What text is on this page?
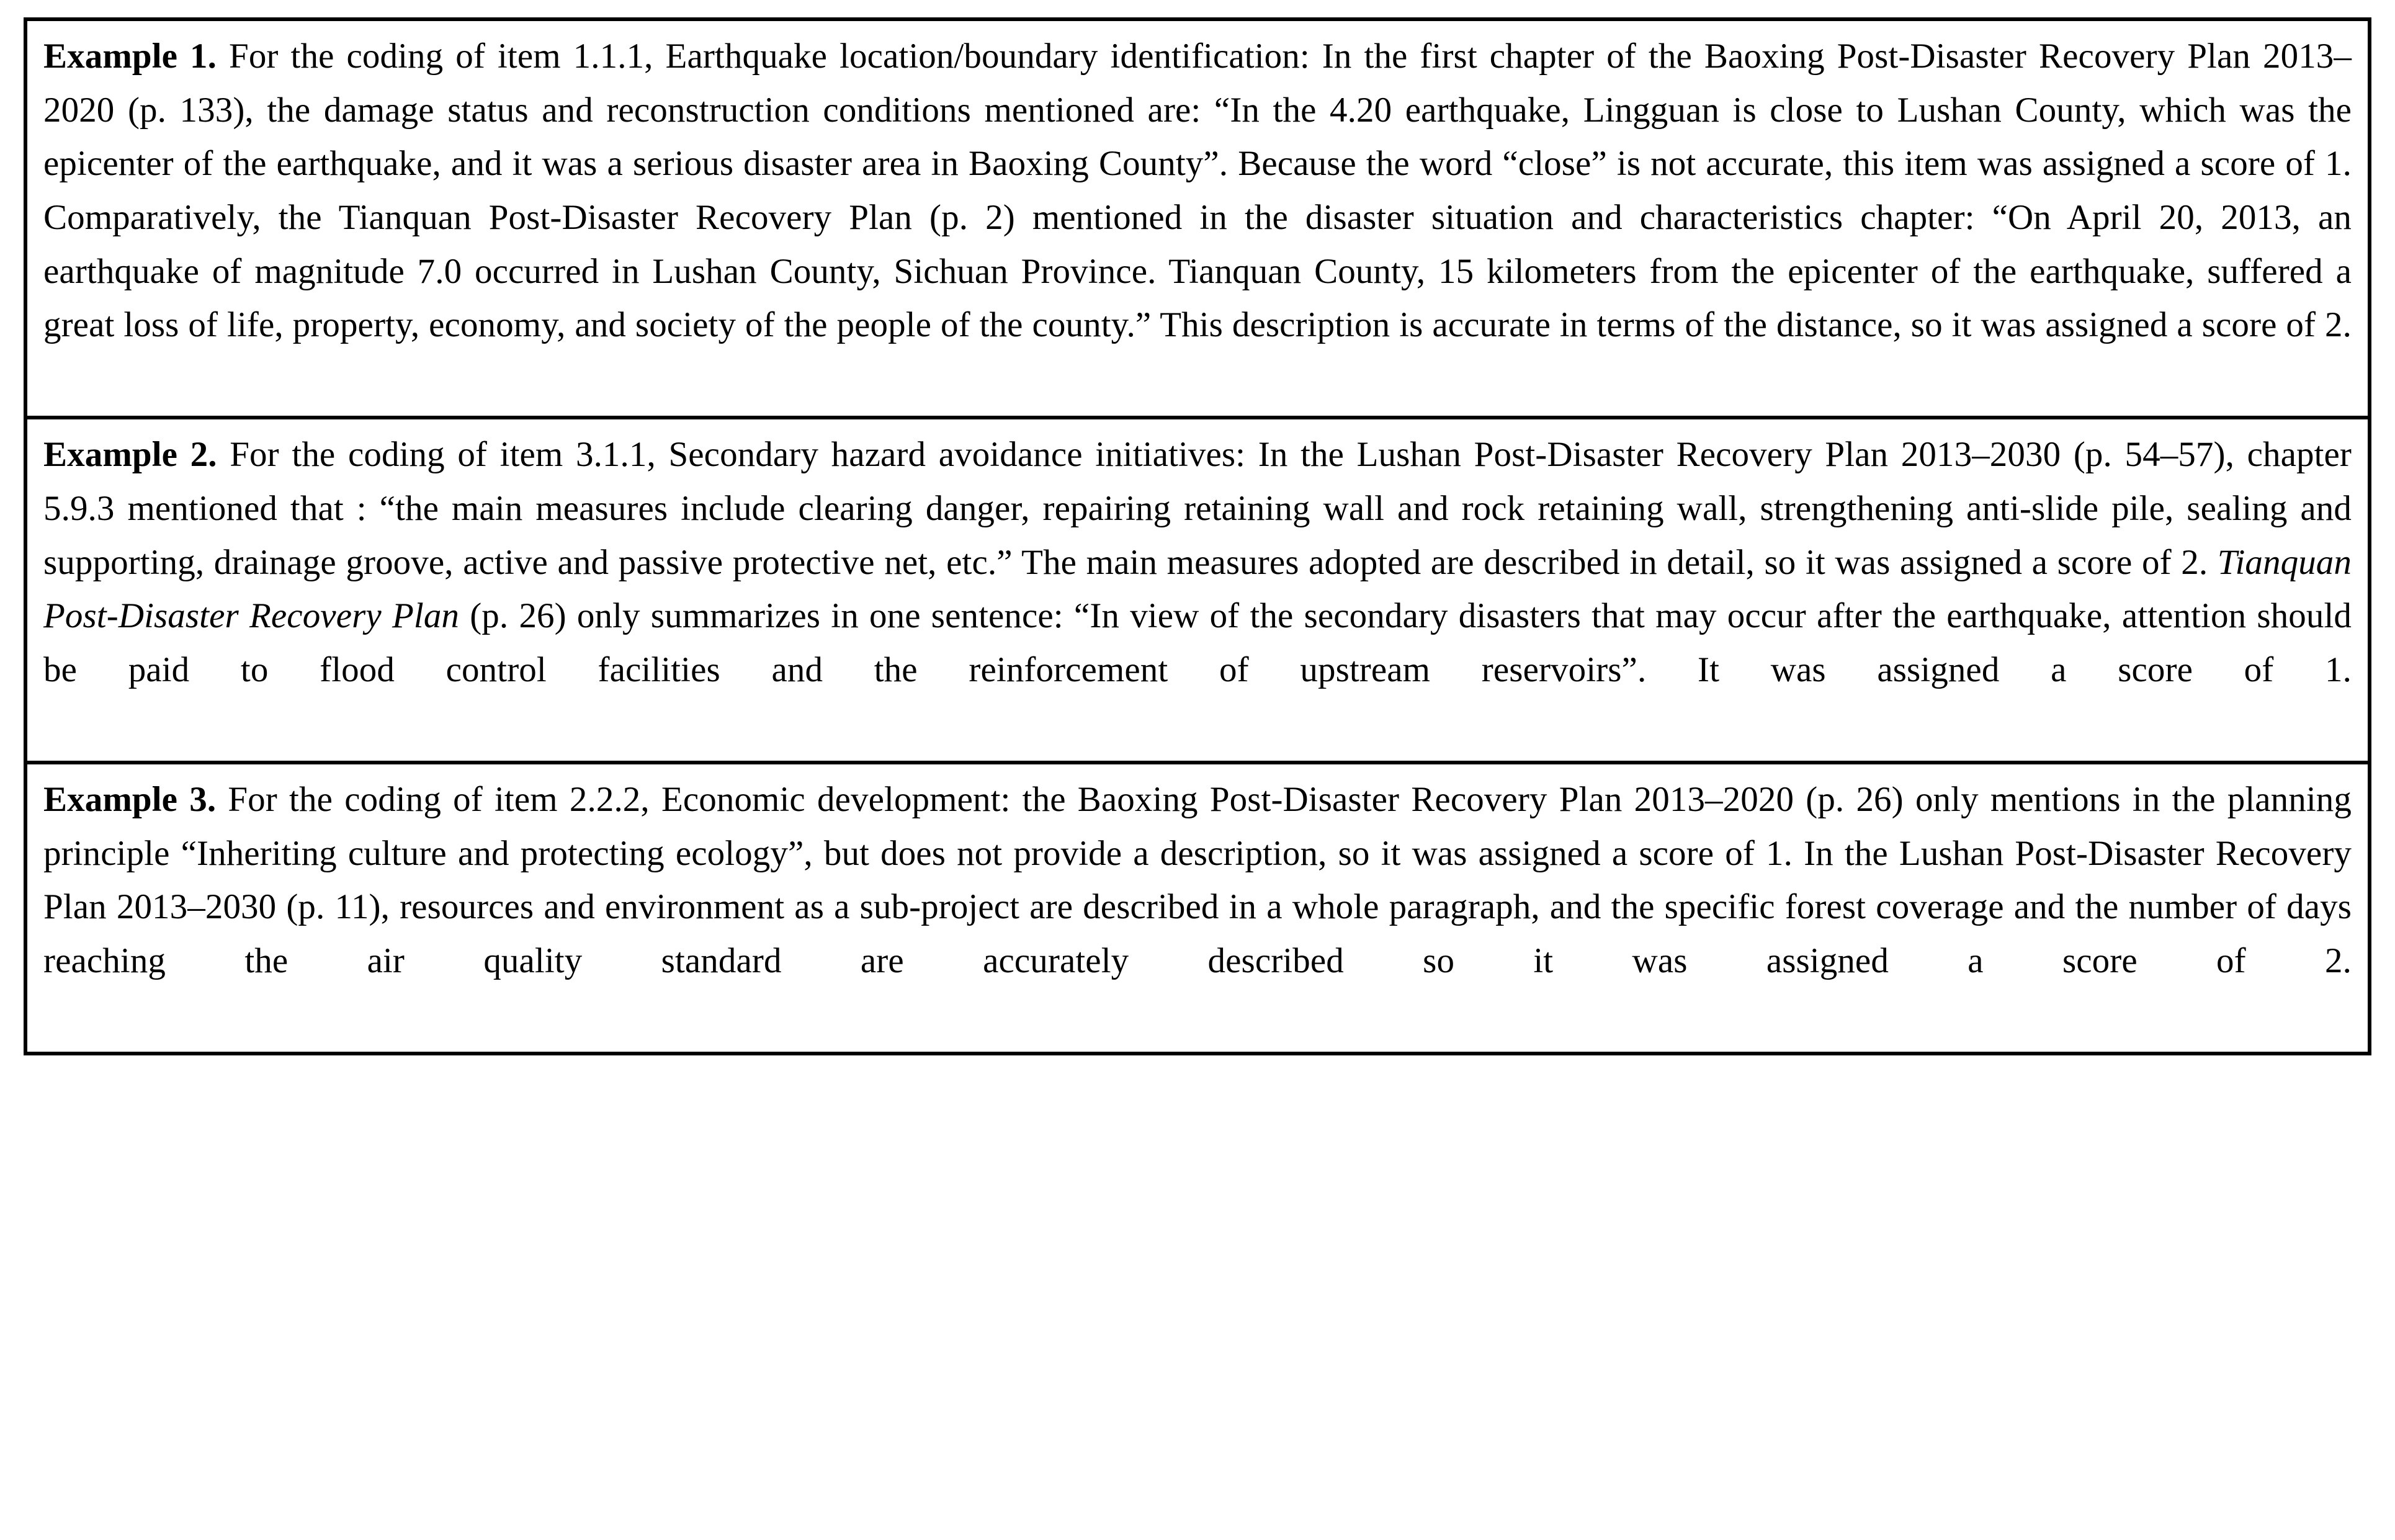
Example 1. For the coding of item 1.1.1, Earthquake location/boundary identification: In the first chapter of the Baoxing Post-Disaster Recovery Plan 2013–2020 (p. 133), the damage status and reconstruction conditions mentioned are: “In the 4.20 earthquake, Lingguan is close to Lushan County, which was the epicenter of the earthquake, and it was a serious disaster area in Baoxing County”. Because the word “close” is not accurate, this item was assigned a score of 1. Comparatively, the Tianquan Post-Disaster Recovery Plan (p. 2) mentioned in the disaster situation and characteristics chapter: “On April 20, 2013, an earthquake of magnitude 7.0 occurred in Lushan County, Sichuan Province. Tianquan County, 15 kilometers from the epicenter of the earthquake, suffered a great loss of life, property, economy, and society of the people of the county.” This description is accurate in terms of the distance, so it was assigned a score of 2.

Example 2. For the coding of item 3.1.1, Secondary hazard avoidance initiatives: In the Lushan Post-Disaster Recovery Plan 2013–2030 (p. 54–57), chapter 5.9.3 mentioned that : “the main measures include clearing danger, repairing retaining wall and rock retaining wall, strengthening anti-slide pile, sealing and supporting, drainage groove, active and passive protective net, etc.” The main measures adopted are described in detail, so it was assigned a score of 2. Tianquan Post-Disaster Recovery Plan (p. 26) only summarizes in one sentence: “In view of the secondary disasters that may occur after the earthquake, attention should be paid to flood control facilities and the reinforcement of upstream reservoirs”. It was assigned a score of 1.

Example 3. For the coding of item 2.2.2, Economic development: the Baoxing Post-Disaster Recovery Plan 2013–2020 (p. 26) only mentions in the planning principle “Inheriting culture and protecting ecology”, but does not provide a description, so it was assigned a score of 1. In the Lushan Post-Disaster Recovery Plan 2013–2030 (p. 11), resources and environment as a sub-project are described in a whole paragraph, and the specific forest coverage and the number of days reaching the air quality standard are accurately described so it was assigned a score of 2.
